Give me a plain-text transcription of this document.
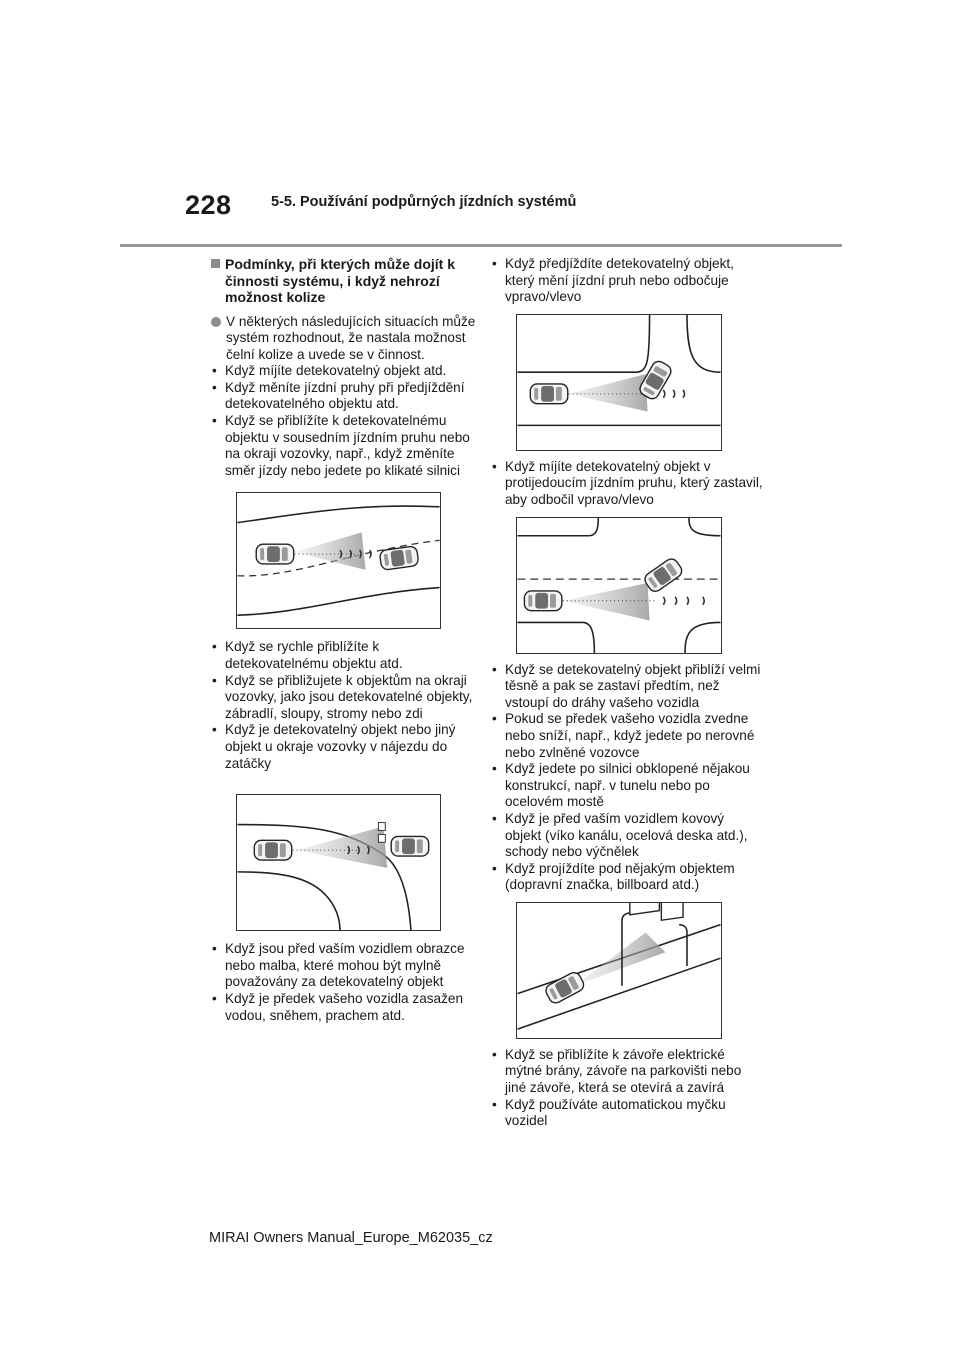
228	5-5. Používání podpůrných jízdních systémů
Podmínky, při kterých může dojít k činnosti systému, i když nehrozí možnost kolize
V některých následujících situacích může systém rozhodnout, že nastala možnost čelní kolize a uvede se v činnost.
• Když míjíte detekovatelný objekt atd.
• Když měníte jízdní pruhy při předjíždění detekovatelného objektu atd.
• Když se přiblížíte k detekovatelnému objektu v sousedním jízdním pruhu nebo na okraji vozovky, např., když změníte směr jízdy nebo jedete po klikaté silnici
• Když se rychle přiblížíte k detekovatelnému objektu atd.
• Když se přibližujete k objektům na okraji vozovky, jako jsou detekovatelné objekty, zábradlí, sloupy, stromy nebo zdi
• Když je detekovatelný objekt nebo jiný objekt u okraje vozovky v nájezdu do zatáčky
• Když jsou před vaším vozidlem obrazce nebo malba, které mohou být mylně považovány za detekovatelný objekt
• Když je předek vašeho vozidla zasažen vodou, sněhem, prachem atd.
• Když předjíždíte detekovatelný objekt, který mění jízdní pruh nebo odbočuje vpravo/vlevo
• Když míjíte detekovatelný objekt v protijedoucím jízdním pruhu, který zastavil, aby odbočil vpravo/vlevo
• Když se detekovatelný objekt přiblíží velmi těsně a pak se zastaví předtím, než vstoupí do dráhy vašeho vozidla
• Pokud se předek vašeho vozidla zvedne nebo sníží, např., když jedete po nerovné nebo zvlněné vozovce
• Když jedete po silnici obklopené nějakou konstrukcí, např. v tunelu nebo po ocelovém mostě
• Když je před vaším vozidlem kovový objekt (víko kanálu, ocelová deska atd.), schody nebo výčnělek
• Když projíždíte pod nějakým objektem (dopravní značka, billboard atd.)
• Když se přiblížíte k závoře elektrické mýtné brány, závoře na parkovišti nebo jiné závoře, která se otevírá a zavírá
• Když používáte automatickou myčku vozidel
MIRAI Owners Manual_Europe_M62035_cz
